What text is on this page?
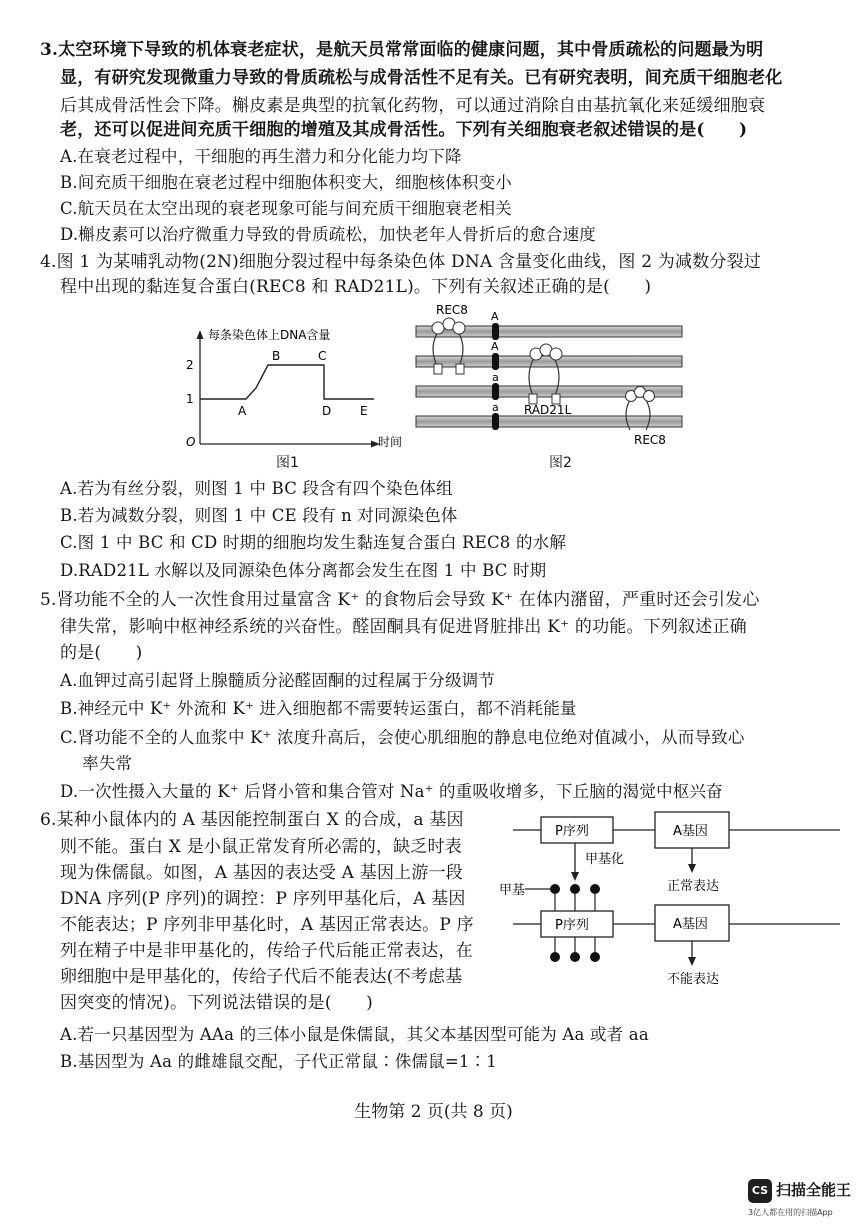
3.太空环境下导致的机体衰老症状，是航天员常常面临的健康问题，其中骨质疏松的问题最为明
显，有研究发现微重力导致的骨质疏松与成骨活性不足有关。已有研究表明，间充质干细胞老化
后其成骨活性会下降。槲皮素是典型的抗氧化药物，可以通过消除自由基抗氧化来延缓细胞衰
老，还可以促进间充质干细胞的增殖及其成骨活性。下列有关细胞衰老叙述错误的是(　　)
A.在衰老过程中，干细胞的再生潜力和分化能力均下降
B.间充质干细胞在衰老过程中细胞体积变大，细胞核体积变小
C.航天员在太空出现的衰老现象可能与间充质干细胞衰老相关
D.槲皮素可以治疗微重力导致的骨质疏松，加快老年人骨折后的愈合速度
4.图 1 为某哺乳动物(2N)细胞分裂过程中每条染色体 DNA 含量变化曲线，图 2 为减数分裂过
程中出现的黏连复合蛋白(REC8 和 RAD21L)。下列有关叙述正确的是(　　)
每条染色体上DNA含量
1
2
A
B	C
D E
O	时间
图1
REC8 A
A
a
a RAD21L
REC8
图2
A.若为有丝分裂，则图 1 中 BC 段含有四个染色体组
B.若为减数分裂，则图 1 中 CE 段有 n 对同源染色体
C.图 1 中 BC 和 CD 时期的细胞均发生黏连复合蛋白 REC8 的水解
D.RAD21L 水解以及同源染色体分离都会发生在图 1 中 BC 时期
5.肾功能不全的人一次性食用过量富含 K⁺ 的食物后会导致 K⁺ 在体内潴留，严重时还会引发心
律失常，影响中枢神经系统的兴奋性。醛固酮具有促进肾脏排出 K⁺ 的功能。下列叙述正确
的是(　　)
A.血钾过高引起肾上腺髓质分泌醛固酮的过程属于分级调节
B.神经元中 K⁺ 外流和 K⁺ 进入细胞都不需要转运蛋白，都不消耗能量
C.肾功能不全的人血浆中 K⁺ 浓度升高后，会使心肌细胞的静息电位绝对值减小，从而导致心
　 率失常
D.一次性摄入大量的 K⁺ 后肾小管和集合管对 Na⁺ 的重吸收增多，下丘脑的渴觉中枢兴奋
6.某种小鼠体内的 A 基因能控制蛋白 X 的合成，a 基因
则不能。蛋白 X 是小鼠正常发育所必需的，缺乏时表
现为侏儒鼠。如图，A 基因的表达受 A 基因上游一段
DNA 序列(P 序列)的调控：P 序列甲基化后，A 基因
不能表达；P 序列非甲基化时，A 基因正常表达。P 序
列在精子中是非甲基化的，传给子代后能正常表达，在
卵细胞中是甲基化的，传给子代后不能表达(不考虑基
因突变的情况)。下列说法错误的是(　　)
P序列	A基因
甲基化
正常表达
甲基
P序列	A基因
不能表达
A.若一只基因型为 AAa 的三体小鼠是侏儒鼠，其父本基因型可能为 Aa 或者 aa
B.基因型为 Aa 的雌雄鼠交配，子代正常鼠∶侏儒鼠=1∶1
生物第 2 页(共 8 页)
CS 扫描全能王
3亿人都在用的扫描App
